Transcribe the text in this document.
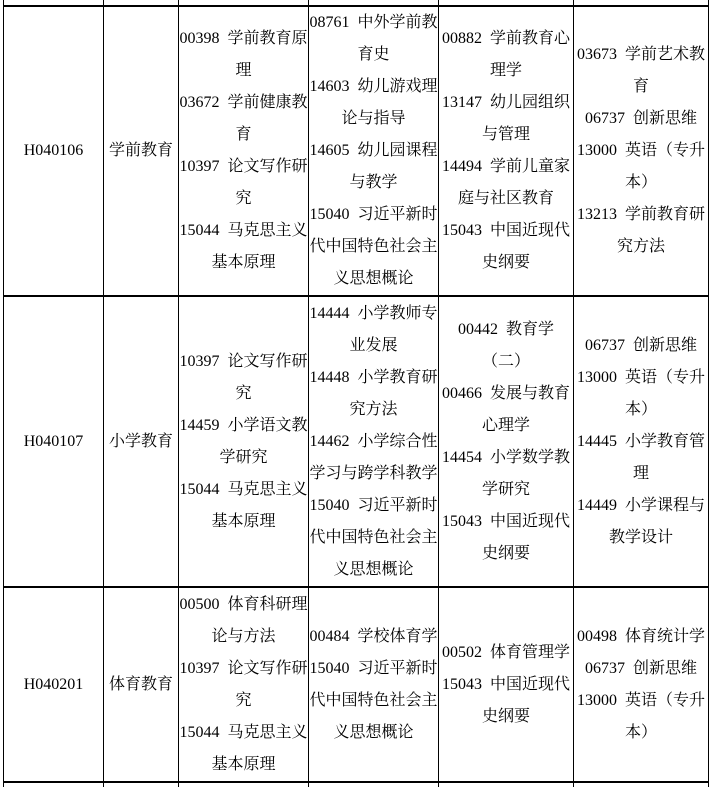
H040106	学前教育

00398 学前教育原
理
03672 学前健康教
育
10397 论文写作研
究
15044 马克思主义
基本原理

08761 中外学前教
育史
14603 幼儿游戏理
论与指导
14605 幼儿园课程
与教学
15040 习近平新时
代中国特色社会主
义思想概论

00882 学前教育心
理学
13147 幼儿园组织
与管理
14494 学前儿童家
庭与社区教育
15043 中国近现代
史纲要

03673 学前艺术教
育
06737 创新思维
13000 英语（专升
本）
13213 学前教育研
究方法

H040107	小学教育

10397 论文写作研
究
14459 小学语文教
学研究
15044 马克思主义
基本原理

14444 小学教师专
业发展
14448 小学教育研
究方法
14462 小学综合性
学习与跨学科教学
15040 习近平新时
代中国特色社会主
义思想概论

00442 教育学
（二）
00466 发展与教育
心理学
14454 小学数学教
学研究
15043 中国近现代
史纲要

06737 创新思维
13000 英语（专升
本）
14445 小学教育管
理
14449 小学课程与
教学设计

H040201	体育教育

00500 体育科研理
论与方法
10397 论文写作研
究
15044 马克思主义
基本原理

00484 学校体育学
15040 习近平新时
代中国特色社会主
义思想概论

00502 体育管理学
15043 中国近现代
史纲要

00498 体育统计学
06737 创新思维
13000 英语（专升
本）
